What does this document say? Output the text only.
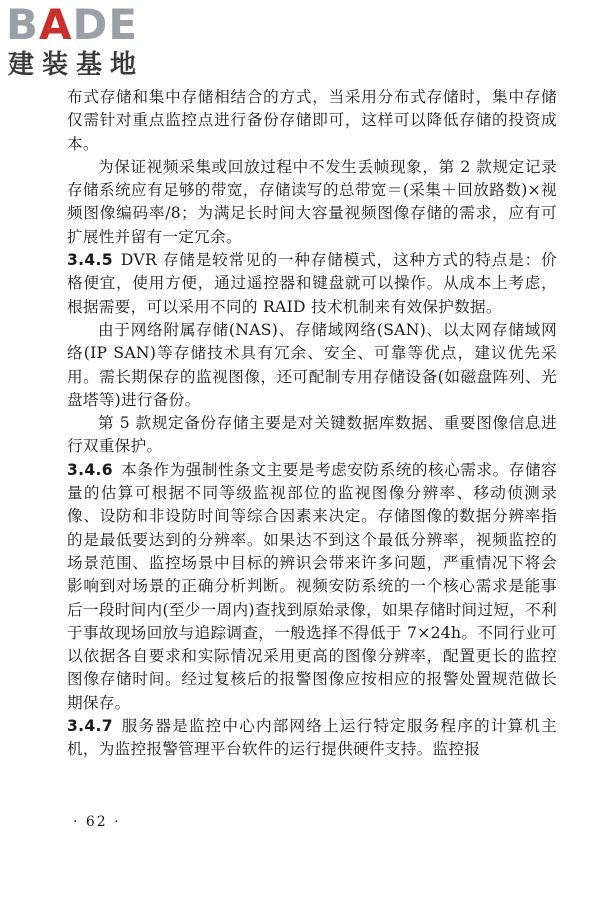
BADE
建装基地

布式存储和集中存储相结合的方式，当采用分布式存储时，集中存储仅需针对重点监控点进行备份存储即可，这样可以降低存储的投资成本。

为保证视频采集或回放过程中不发生丢帧现象，第 2 款规定记录存储系统应有足够的带宽，存储读写的总带宽＝(采集＋回放路数)×视频图像编码率/8；为满足长时间大容量视频图像存储的需求，应有可扩展性并留有一定冗余。

3.4.5 DVR 存储是较常见的一种存储模式，这种方式的特点是：价格便宜，使用方便，通过遥控器和键盘就可以操作。从成本上考虑，根据需要，可以采用不同的 RAID 技术机制来有效保护数据。

由于网络附属存储(NAS)、存储域网络(SAN)、以太网存储域网络(IP SAN)等存储技术具有冗余、安全、可靠等优点，建议优先采用。需长期保存的监视图像，还可配制专用存储设备(如磁盘阵列、光盘塔等)进行备份。

第 5 款规定备份存储主要是对关键数据库数据、重要图像信息进行双重保护。

3.4.6 本条作为强制性条文主要是考虑安防系统的核心需求。存储容量的估算可根据不同等级监视部位的监视图像分辨率、移动侦测录像、设防和非设防时间等综合因素来决定。存储图像的数据分辨率指的是最低要达到的分辨率。如果达不到这个最低分辨率，视频监控的场景范围、监控场景中目标的辨识会带来许多问题，严重情况下将会影响到对场景的正确分析判断。视频安防系统的一个核心需求是能事后一段时间内(至少一周内)查找到原始录像，如果存储时间过短，不利于事故现场回放与追踪调查，一般选择不得低于 7×24h。不同行业可以依据各自要求和实际情况采用更高的图像分辨率，配置更长的监控图像存储时间。经过复核后的报警图像应按相应的报警处置规范做长期保存。

3.4.7 服务器是监控中心内部网络上运行特定服务程序的计算机主机，为监控报警管理平台软件的运行提供硬件支持。监控报

· 62 ·
